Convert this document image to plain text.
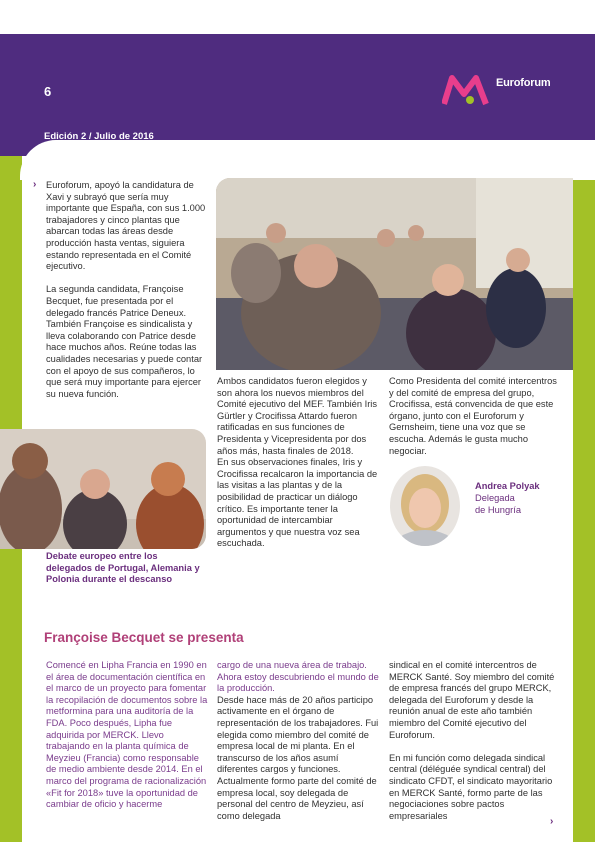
6
Edición 2 / Julio de 2016
Euroforum
› Euroforum, apoyó la candidatura de Xavi y subrayó que sería muy importante que España, con sus 1.000 trabajadores y cinco plantas que abarcan todas las áreas desde producción hasta ventas, siguiera estando representada en el Comité ejecutivo.

La segunda candidata, Françoise Becquet, fue presentada por el delegado francés Patrice Deneux. También Françoise es sindicalista y lleva colaborando con Patrice desde hace muchos años. Reúne todas las cualidades necesarias y puede contar con el apoyo de sus compañeros, lo que será muy importante para ejercer su nueva función.

Debate europeo entre los delegados de Portugal, Alemania y Polonia durante el descanso

Ambos candidatos fueron elegidos y son ahora los nuevos miembros del Comité ejecutivo del MEF. También Iris Gürtler y Crocifissa Attardo fueron ratificadas en sus funciones de Presidenta y Vicepresidenta por dos años más, hasta finales de 2018.

En sus observaciones finales, Iris y Crocifissa recalcaron la importancia de las visitas a las plantas y de la posibilidad de practicar un diálogo crítico. Es importante tener la oportunidad de intercambiar argumentos y que nuestra voz sea escuchada.

Como Presidenta del comité intercentros y del comité de empresa del grupo, Crocifissa, está convencida de que este órgano, junto con el Euroforum y Gernsheim, tiene una voz que se escucha. Además le gusta mucho negociar.

Andrea Polyak
Delegada
de Hungría
Françoise Becquet se presenta

Comencé en Lipha Francia en 1990 en el área de documentación científica en el marco de un proyecto para fomentar la recopilación de documentos sobre la metformina para una auditoría de la FDA. Poco después, Lipha fue adquirida por MERCK. Llevo trabajando en la planta química de Meyzieu (Francia) como responsable de medio ambiente desde 2014. En el marco del programa de racionalización «Fit for 2018» tuve la oportunidad de cambiar de oficio y hacerme

cargo de una nueva área de trabajo. Ahora estoy descubriendo el mundo de la producción.

Desde hace más de 20 años participo activamente en el órgano de representación de los trabajadores. Fui elegida como miembro del comité de empresa local de mi planta. En el transcurso de los años asumí diferentes cargos y funciones. Actualmente formo parte del comité de empresa local, soy delegada de personal del centro de Meyzieu, así como delegada

sindical en el comité intercentros de MERCK Santé. Soy miembro del comité de empresa francés del grupo MERCK, delegada del Euroforum y desde la reunión anual de este año también miembro del Comité ejecutivo del Euroforum.

En mi función como delegada sindical central (déléguée syndical central) del sindicato CFDT, el sindicato mayoritario en MERCK Santé, formo parte de las negociaciones sobre pactos empresariales

›
